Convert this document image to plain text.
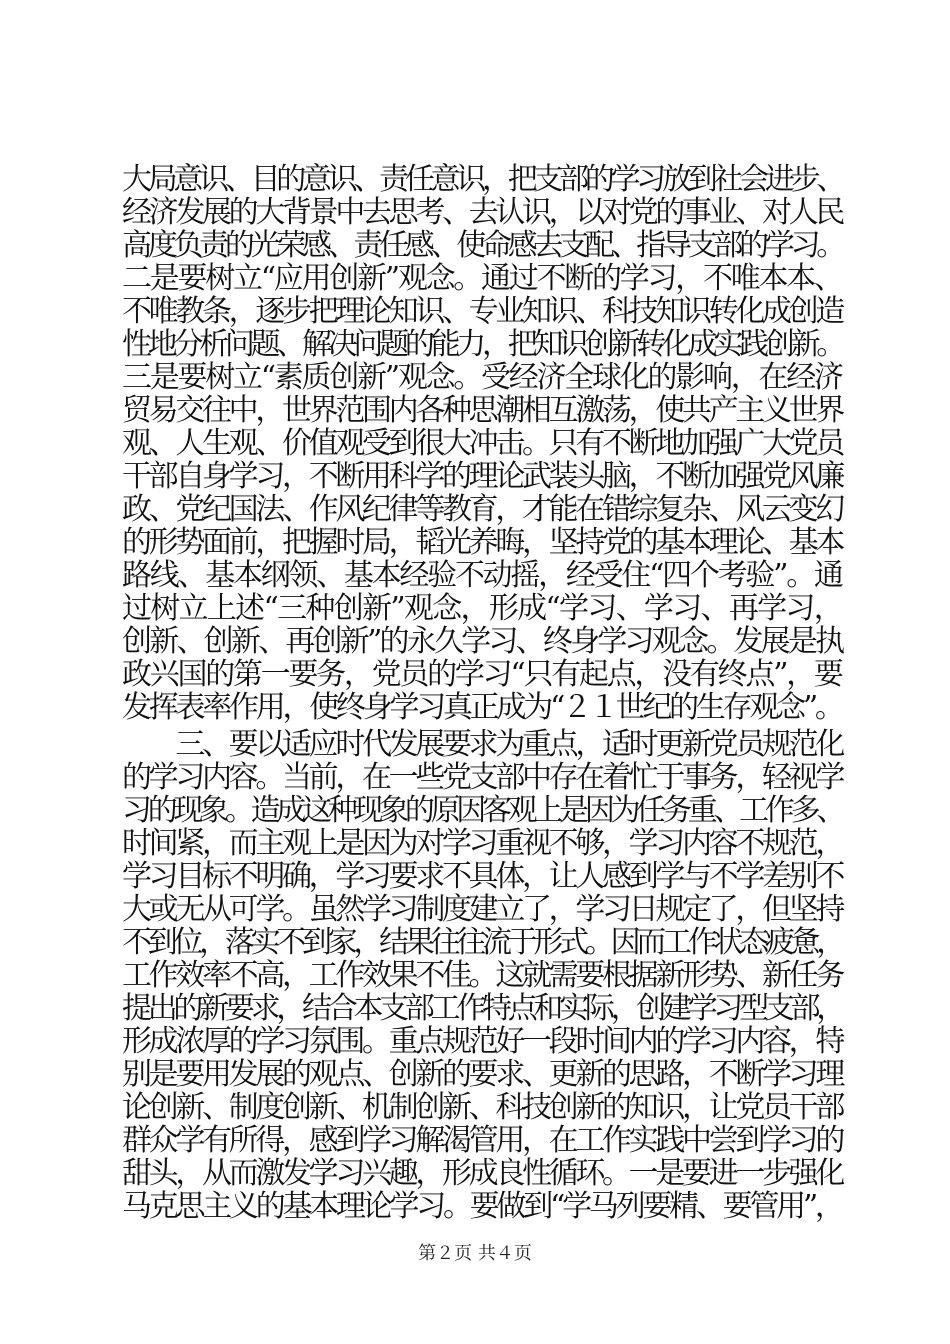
大局意识、目的意识、责任意识，把支部的学习放到社会进步、
经济发展的大背景中去思考、去认识，以对党的事业、对人民
高度负责的光荣感、责任感、使命感去支配、指导支部的学习。
二是要树立“应用创新”观念。通过不断的学习，不唯本本、
不唯教条，逐步把理论知识、专业知识、科技知识转化成创造
性地分析问题、解决问题的能力，把知识创新转化成实践创新。
三是要树立“素质创新”观念。受经济全球化的影响，在经济
贸易交往中，世界范围内各种思潮相互激荡，使共产主义世界
观、人生观、价值观受到很大冲击。只有不断地加强广大党员
干部自身学习，不断用科学的理论武装头脑，不断加强党风廉
政、党纪国法、作风纪律等教育，才能在错综复杂、风云变幻
的形势面前，把握时局，韬光养晦，坚持党的基本理论、基本
路线、基本纲领、基本经验不动摇，经受住“四个考验”。通
过树立上述“三种创新”观念，形成“学习、学习、再学习，
创新、创新、再创新”的永久学习、终身学习观念。发展是执
政兴国的第一要务，党员的学习“只有起点，没有终点”，要
发挥表率作用，使终身学习真正成为“２１世纪的生存观念”。
　　三、要以适应时代发展要求为重点，适时更新党员规范化
的学习内容。当前，在一些党支部中存在着忙于事务，轻视学
习的现象。造成这种现象的原因客观上是因为任务重、工作多、
时间紧，而主观上是因为对学习重视不够，学习内容不规范，
学习目标不明确，学习要求不具体，让人感到学与不学差别不
大或无从可学。虽然学习制度建立了，学习日规定了，但坚持
不到位，落实不到家，结果往往流于形式。因而工作状态疲惫，
工作效率不高，工作效果不佳。这就需要根据新形势、新任务
提出的新要求，结合本支部工作特点和实际，创建学习型支部，
形成浓厚的学习氛围。重点规范好一段时间内的学习内容，特
别是要用发展的观点、创新的要求、更新的思路，不断学习理
论创新、制度创新、机制创新、科技创新的知识，让党员干部
群众学有所得，感到学习解渴管用，在工作实践中尝到学习的
甜头，从而激发学习兴趣，形成良性循环。一是要进一步强化
马克思主义的基本理论学习。要做到“学马列要精、要管用”，
第２页 共４页
